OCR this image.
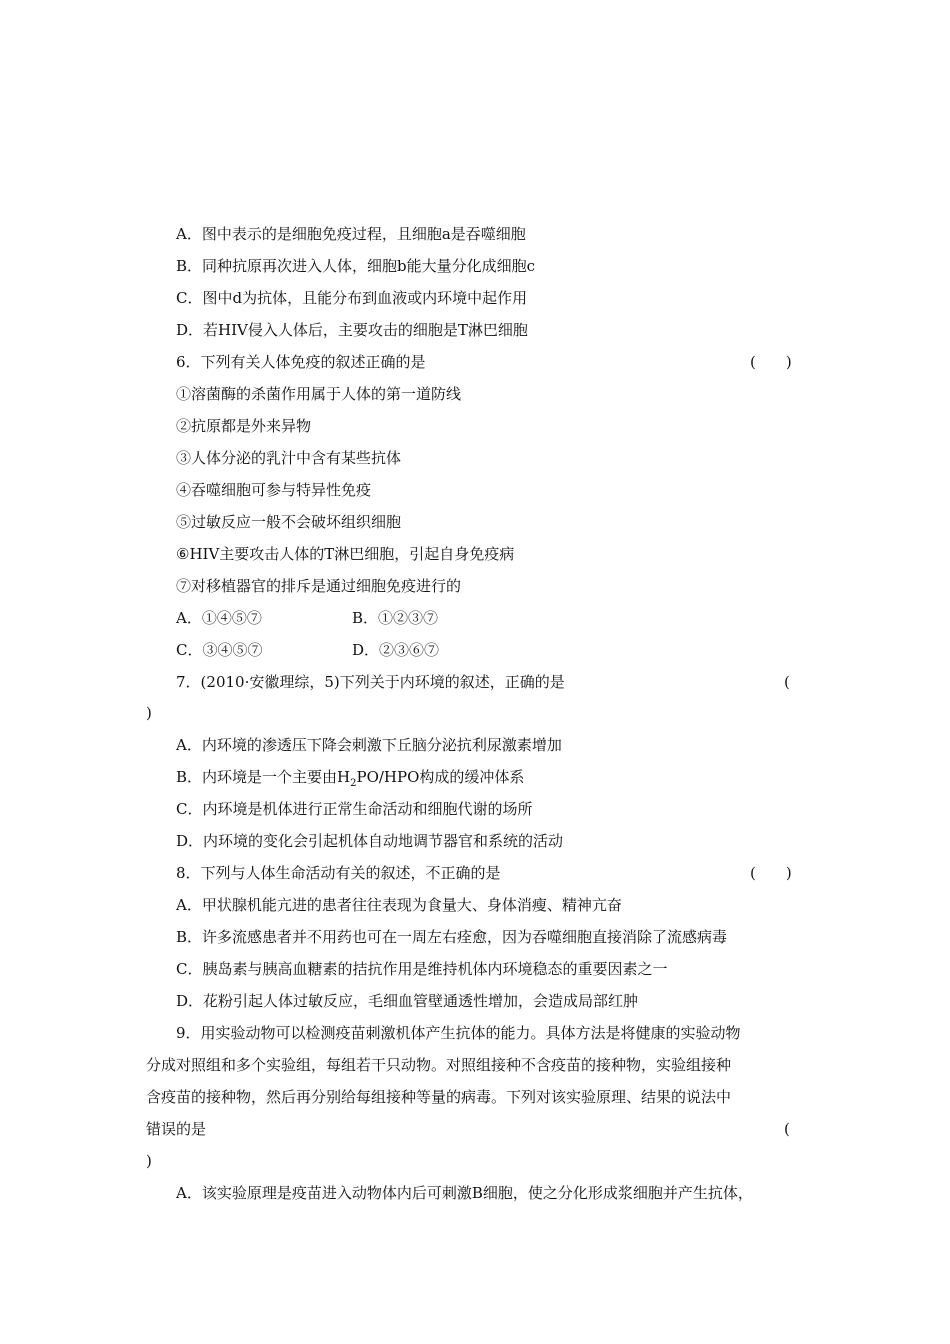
A．图中表示的是细胞免疫过程，且细胞a是吞噬细胞
B．同种抗原再次进入人体，细胞b能大量分化成细胞c
C．图中d为抗体，且能分布到血液或内环境中起作用
D．若HIV侵入人体后，主要攻击的细胞是T淋巴细胞
6．下列有关人体免疫的叙述正确的是	(　　)
①溶菌酶的杀菌作用属于人体的第一道防线
②抗原都是外来异物
③人体分泌的乳汁中含有某些抗体
④吞噬细胞可参与特异性免疫
⑤过敏反应一般不会破坏组织细胞
⑥HIV主要攻击人体的T淋巴细胞，引起自身免疫病
⑦对移植器官的排斥是通过细胞免疫进行的
A．①④⑤⑦	B．①②③⑦
C．③④⑤⑦	D．②③⑥⑦
7．(2010·安徽理综，5)下列关于内环境的叙述，正确的是	(
)
A．内环境的渗透压下降会刺激下丘脑分泌抗利尿激素增加
B．内环境是一个主要由$H_2PO$/HPO构成的缓冲体系
C．内环境是机体进行正常生命活动和细胞代谢的场所
D．内环境的变化会引起机体自动地调节器官和系统的活动
8．下列与人体生命活动有关的叙述，不正确的是	(　　)
A．甲状腺机能亢进的患者往往表现为食量大、身体消瘦、精神亢奋
B．许多流感患者并不用药也可在一周左右痊愈，因为吞噬细胞直接消除了流感病毒
C．胰岛素与胰高血糖素的拮抗作用是维持机体内环境稳态的重要因素之一
D．花粉引起人体过敏反应，毛细血管壁通透性增加，会造成局部红肿
9．用实验动物可以检测疫苗刺激机体产生抗体的能力。具体方法是将健康的实验动物
分成对照组和多个实验组，每组若干只动物。对照组接种不含疫苗的接种物，实验组接种
含疫苗的接种物，然后再分别给每组接种等量的病毒。下列对该实验原理、结果的说法中
错误的是	(
)
A．该实验原理是疫苗进入动物体内后可刺激B细胞，使之分化形成浆细胞并产生抗体，
